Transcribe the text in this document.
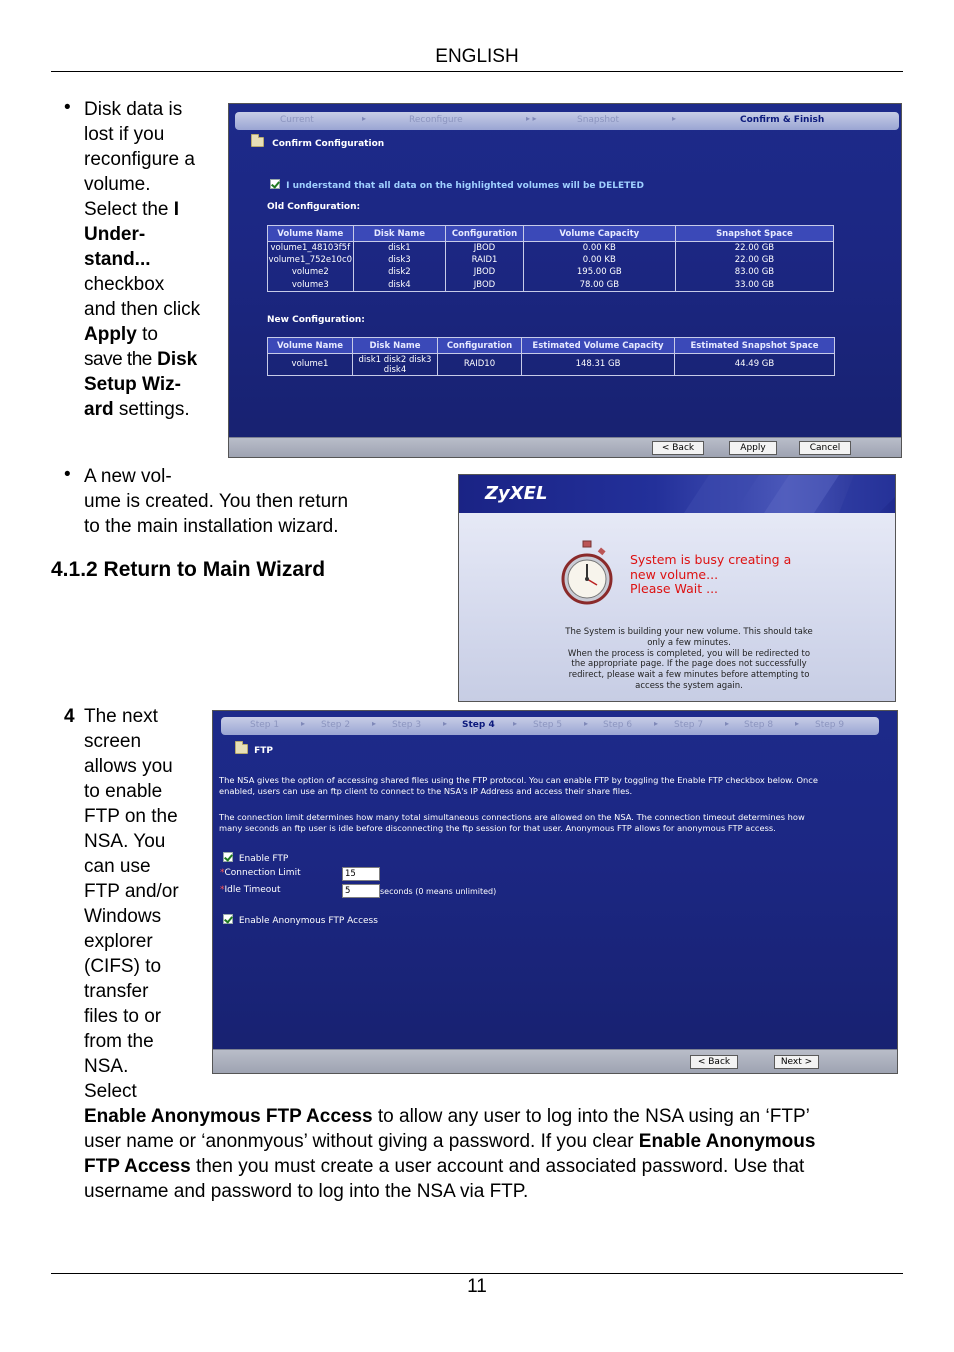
ENGLISH
• Disk data is
lost if you
reconfigure a
volume.
Select the I
Under-
stand...
checkbox
and then click
Apply to
save the Disk
Setup Wiz-
ard settings.
Current	▸	Reconfigure	▸ ▸	Snapshot	▸	Confirm & Finish
Confirm Configuration
I understand that all data on the highlighted volumes will be DELETED
Old Configuration:
Volume Name	Disk Name	Configuration	Volume Capacity	Snapshot Space
volume1_48103f5f	disk1	JBOD	0.00 KB	22.00 GB
volume1_752e10c0	disk3	RAID1	0.00 KB	22.00 GB
volume2	disk2	JBOD	195.00 GB	83.00 GB
volume3	disk4	JBOD	78.00 GB	33.00 GB
New Configuration:
Volume Name	Disk Name	Configuration	Estimated Volume Capacity	Estimated Snapshot Space
volume1	disk1 disk2 disk3
disk4	RAID10	148.31 GB	44.49 GB
< Back	Apply	Cancel
• A new vol-
ume is created. You then return
to the main installation wizard.
4.1.2 Return to Main Wizard
ZyXEL
System is busy creating a
new volume...
Please Wait ...
The System is building your new volume. This should take
only a few minutes.
When the process is completed, you will be redirected to
the appropriate page. If the page does not successfully
redirect, please wait a few minutes before attempting to
access the system again.
4 The next
screen
allows you
to enable
FTP on the
NSA. You
can use
FTP and/or
Windows
explorer
(CIFS) to
transfer
files to or
from the
NSA.
Select
Enable Anonymous FTP Access to allow any user to log into the NSA using an ‘FTP’
user name or ‘anonmyous’ without giving a password. If you clear Enable Anonymous
FTP Access then you must create a user account and associated password. Use that
username and password to log into the NSA via FTP.
Step 1	▸ Step 2	▸ Step 3	▸ Step 4 ▸ Step 5	▸ Step 6	▸ Step 7	▸ Step 8	▸ Step 9
FTP
The NSA gives the option of accessing shared files using the FTP protocol. You can enable FTP by toggling the Enable FTP checkbox below. Once
enabled, users can use an ftp client to connect to the NSA's IP Address and access their share files.
The connection limit determines how many total simultaneous connections are allowed on the NSA. The connection timeout determines how
many seconds an ftp user is idle before disconnecting the ftp session for that user. Anonymous FTP allows for anonymous FTP access.
Enable FTP
*Connection Limit	15
*Idle Timeout	5	seconds (0 means unlimited)
Enable Anonymous FTP Access
< Back	Next >
11
